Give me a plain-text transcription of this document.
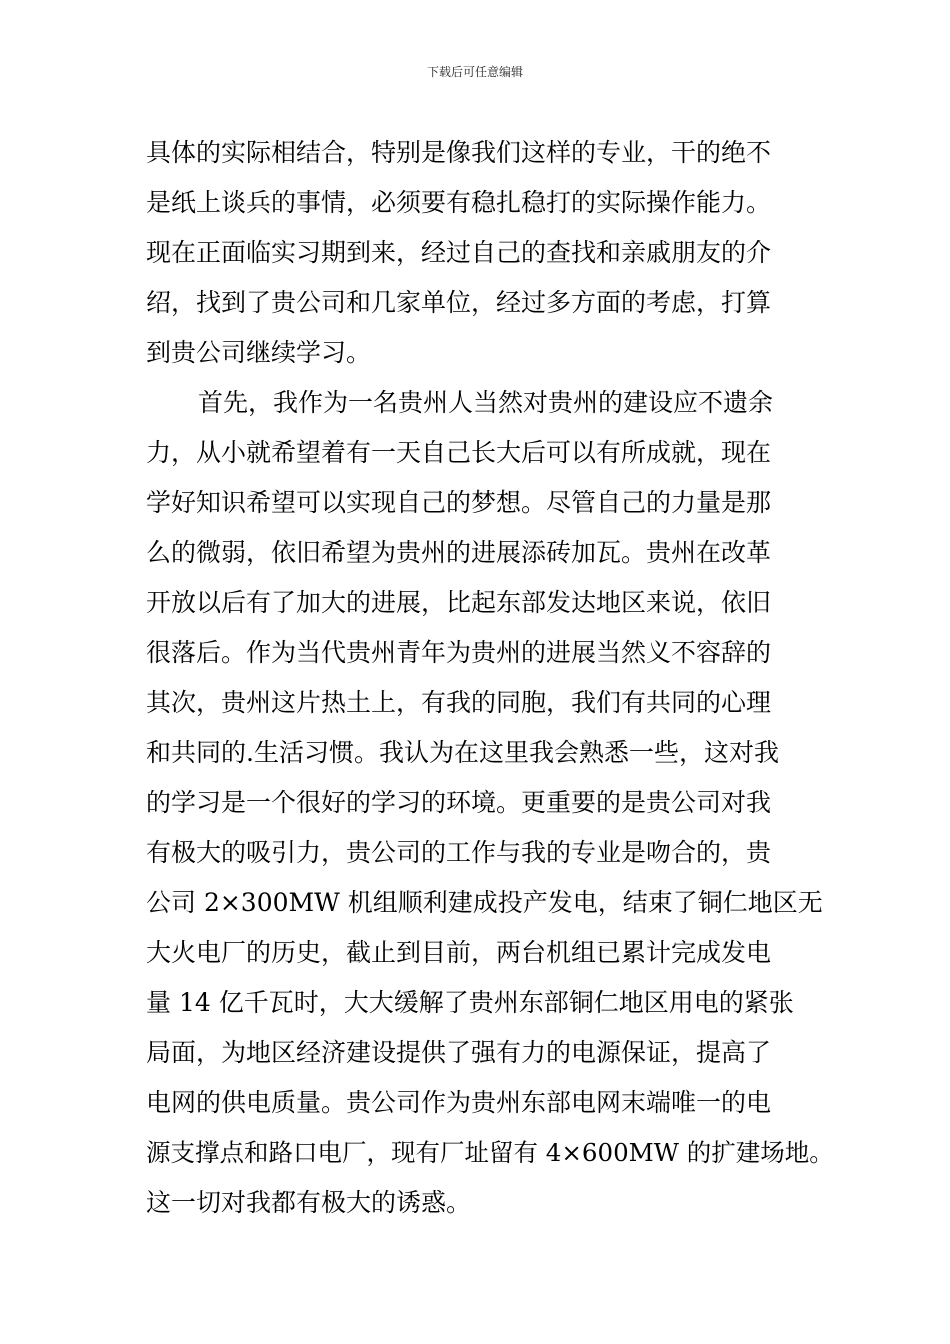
下载后可任意编辑
具体的实际相结合，特别是像我们这样的专业，干的绝不
是纸上谈兵的事情，必须要有稳扎稳打的实际操作能力。
现在正面临实习期到来，经过自己的查找和亲戚朋友的介
绍，找到了贵公司和几家单位，经过多方面的考虑，打算
到贵公司继续学习。
首先，我作为一名贵州人当然对贵州的建设应不遗余
力，从小就希望着有一天自己长大后可以有所成就，现在
学好知识希望可以实现自己的梦想。尽管自己的力量是那
么的微弱，依旧希望为贵州的进展添砖加瓦。贵州在改革
开放以后有了加大的进展，比起东部发达地区来说，依旧
很落后。作为当代贵州青年为贵州的进展当然义不容辞的
其次，贵州这片热土上，有我的同胞，我们有共同的心理
和共同的.生活习惯。我认为在这里我会熟悉一些，这对我
的学习是一个很好的学习的环境。更重要的是贵公司对我
有极大的吸引力，贵公司的工作与我的专业是吻合的，贵
公司 2×300MW 机组顺利建成投产发电，结束了铜仁地区无
大火电厂的历史，截止到目前，两台机组已累计完成发电
量 14 亿千瓦时，大大缓解了贵州东部铜仁地区用电的紧张
局面，为地区经济建设提供了强有力的电源保证，提高了
电网的供电质量。贵公司作为贵州东部电网末端唯一的电
源支撑点和路口电厂，现有厂址留有 4×600MW 的扩建场地。
这一切对我都有极大的诱惑。
